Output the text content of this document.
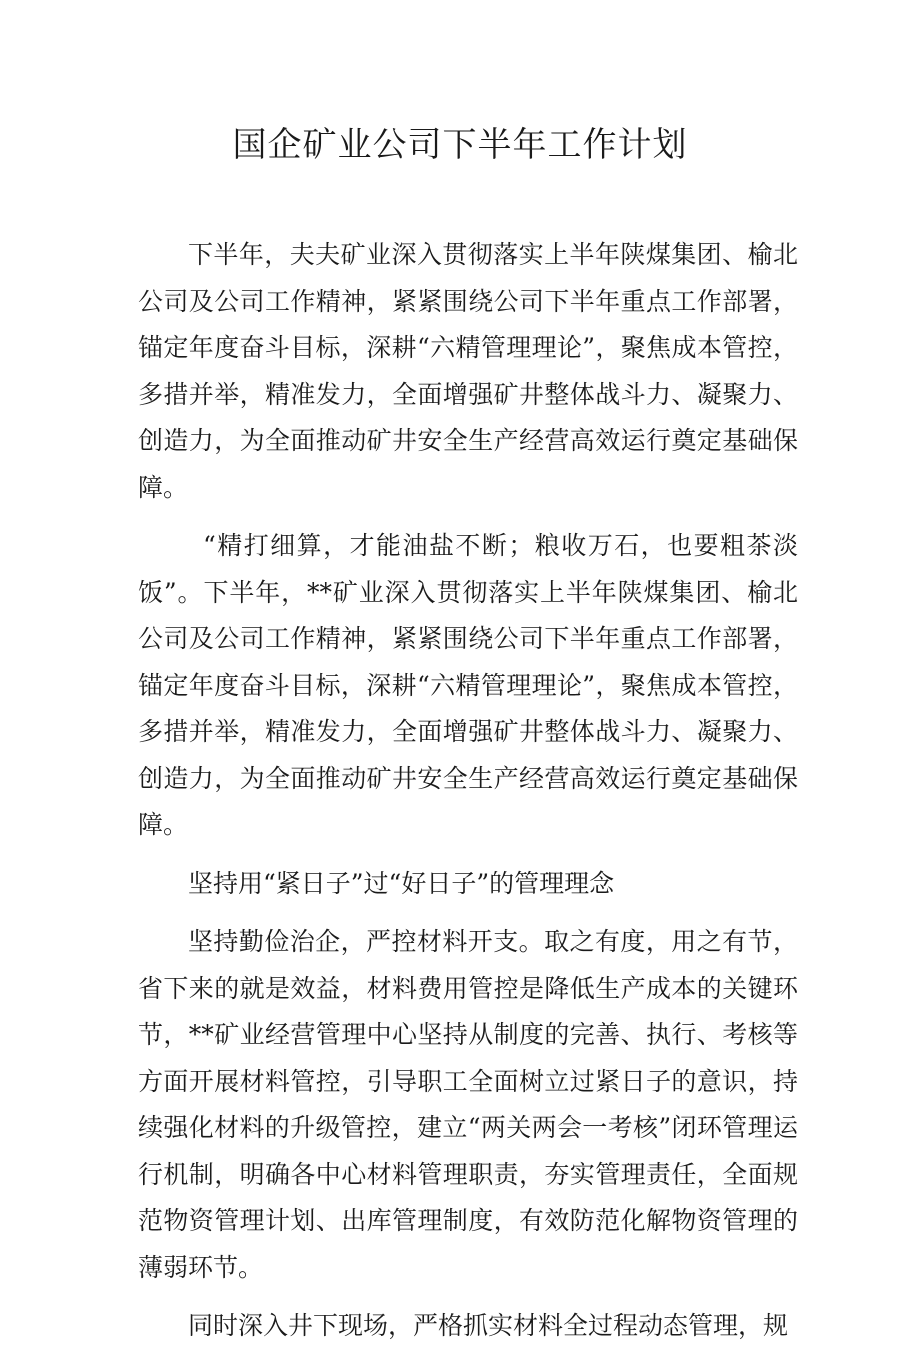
国企矿业公司下半年工作计划

下半年，夫夫矿业深入贯彻落实上半年陕煤集团、榆北公司及公司工作精神，紧紧围绕公司下半年重点工作部署，锚定年度奋斗目标，深耕“六精管理理论”，聚焦成本管控，多措并举，精准发力，全面增强矿井整体战斗力、凝聚力、创造力，为全面推动矿井安全生产经营高效运行奠定基础保障。

“精打细算，才能油盐不断；粮收万石，也要粗茶淡饭”。下半年，**矿业深入贯彻落实上半年陕煤集团、榆北公司及公司工作精神，紧紧围绕公司下半年重点工作部署，锚定年度奋斗目标，深耕“六精管理理论”，聚焦成本管控，多措并举，精准发力，全面增强矿井整体战斗力、凝聚力、创造力，为全面推动矿井安全生产经营高效运行奠定基础保障。

坚持用“紧日子”过“好日子”的管理理念

坚持勤俭治企，严控材料开支。取之有度，用之有节，省下来的就是效益，材料费用管控是降低生产成本的关键环节，**矿业经营管理中心坚持从制度的完善、执行、考核等方面开展材料管控，引导职工全面树立过紧日子的意识，持续强化材料的升级管控，建立“两关两会一考核”闭环管理运行机制，明确各中心材料管理职责，夯实管理责任，全面规范物资管理计划、出库管理制度，有效防范化解物资管理的薄弱环节。

同时深入井下现场，严格抓实材料全过程动态管理，规
